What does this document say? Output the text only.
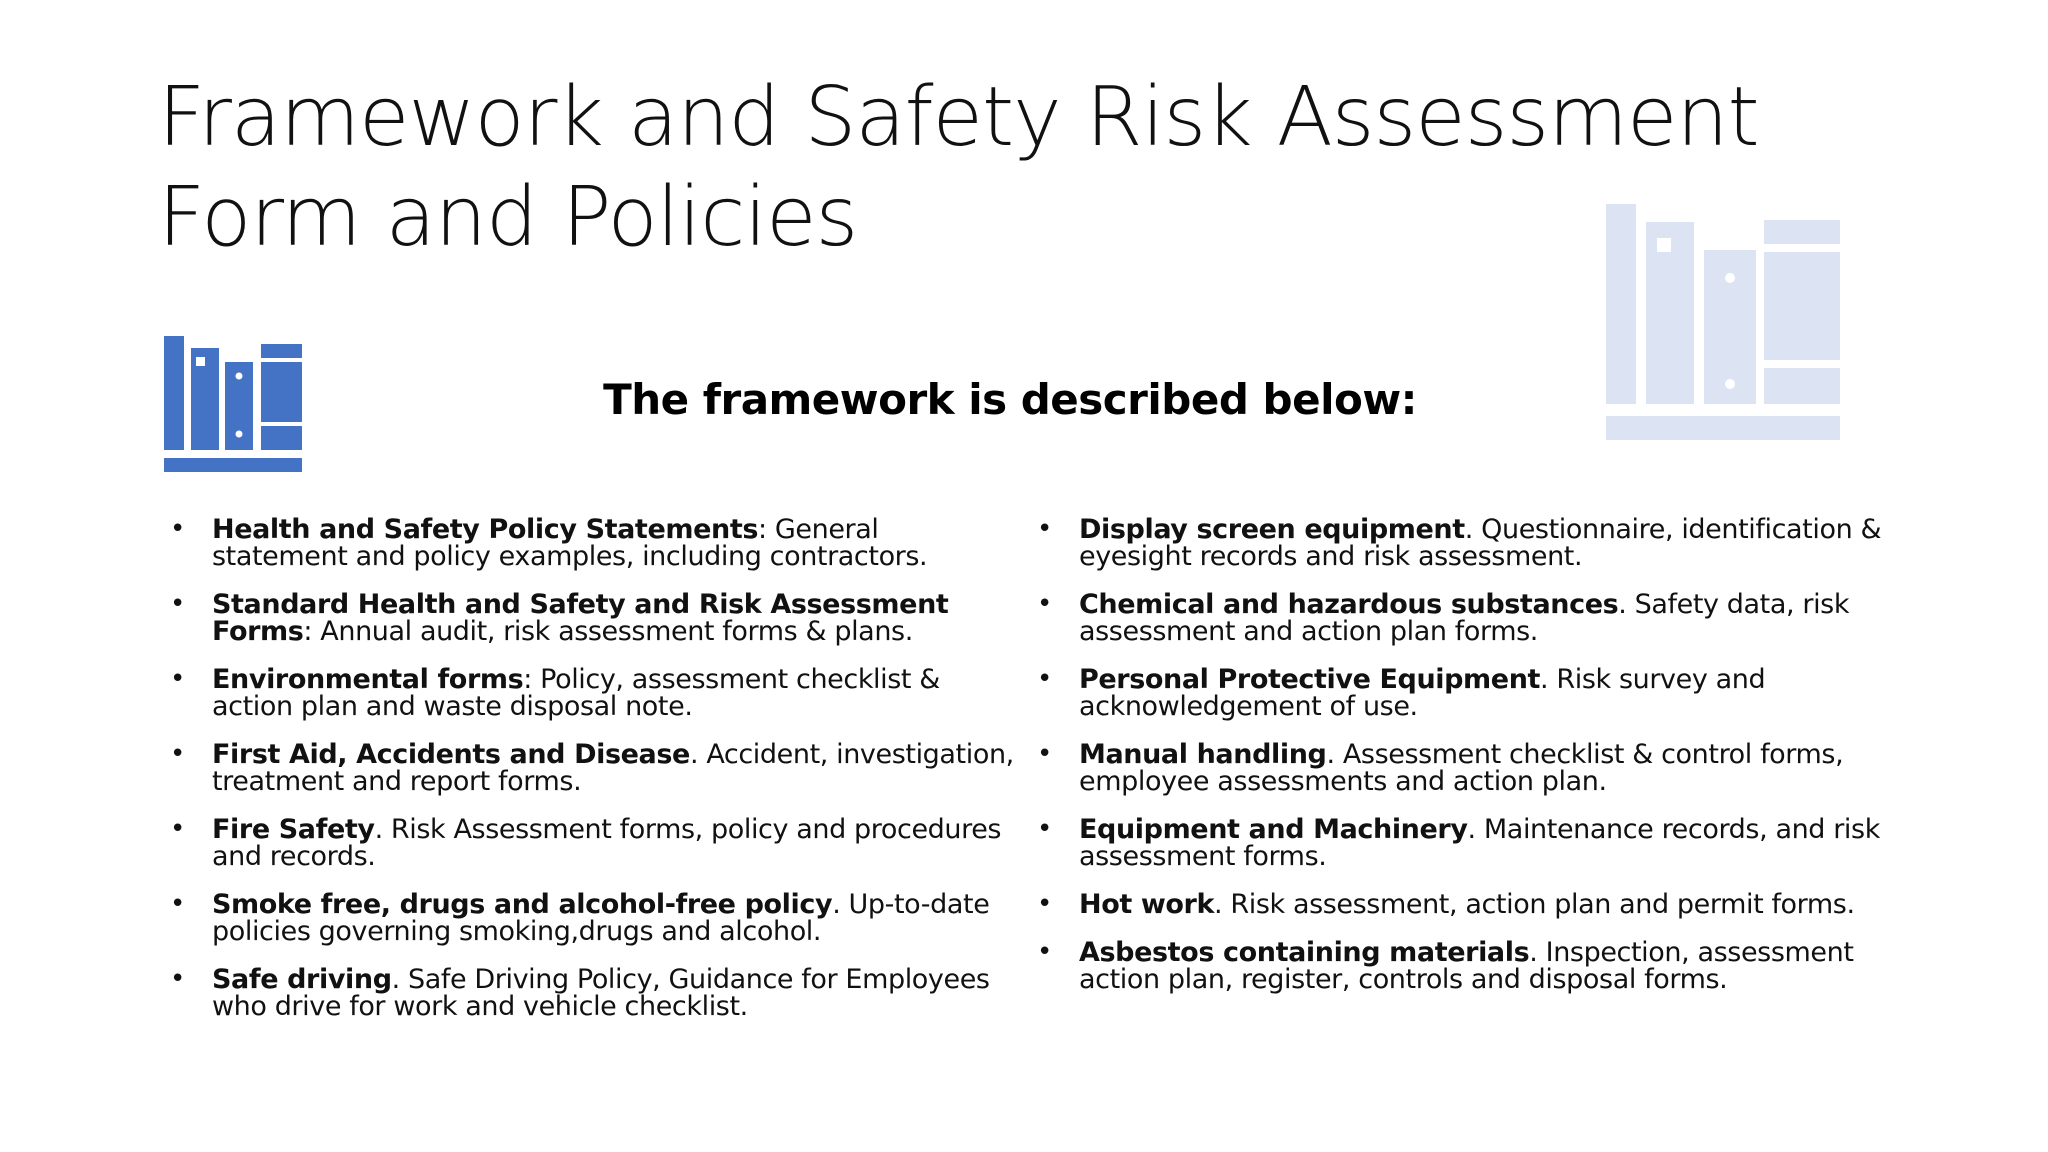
Framework and Safety Risk Assessment Form and Policies
The framework is described below:
• Health and Safety Policy Statements: General statement and policy examples, including contractors.
• Standard Health and Safety and Risk Assessment Forms: Annual audit, risk assessment forms & plans.
• Environmental forms: Policy, assessment checklist & action plan and waste disposal note.
• First Aid, Accidents and Disease. Accident, investigation, treatment and report forms.
• Fire Safety. Risk Assessment forms, policy and procedures and records.
• Smoke free, drugs and alcohol-free policy. Up-to-date policies governing smoking,drugs and alcohol.
• Safe driving. Safe Driving Policy, Guidance for Employees who drive for work and vehicle checklist.
• Display screen equipment. Questionnaire, identification & eyesight records and risk assessment.
• Chemical and hazardous substances. Safety data, risk assessment and action plan forms.
• Personal Protective Equipment. Risk survey and acknowledgement of use.
• Manual handling. Assessment checklist & control forms, employee assessments and action plan.
• Equipment and Machinery. Maintenance records, and risk assessment forms.
• Hot work. Risk assessment, action plan and permit forms.
• Asbestos containing materials. Inspection, assessment action plan, register, controls and disposal forms.
